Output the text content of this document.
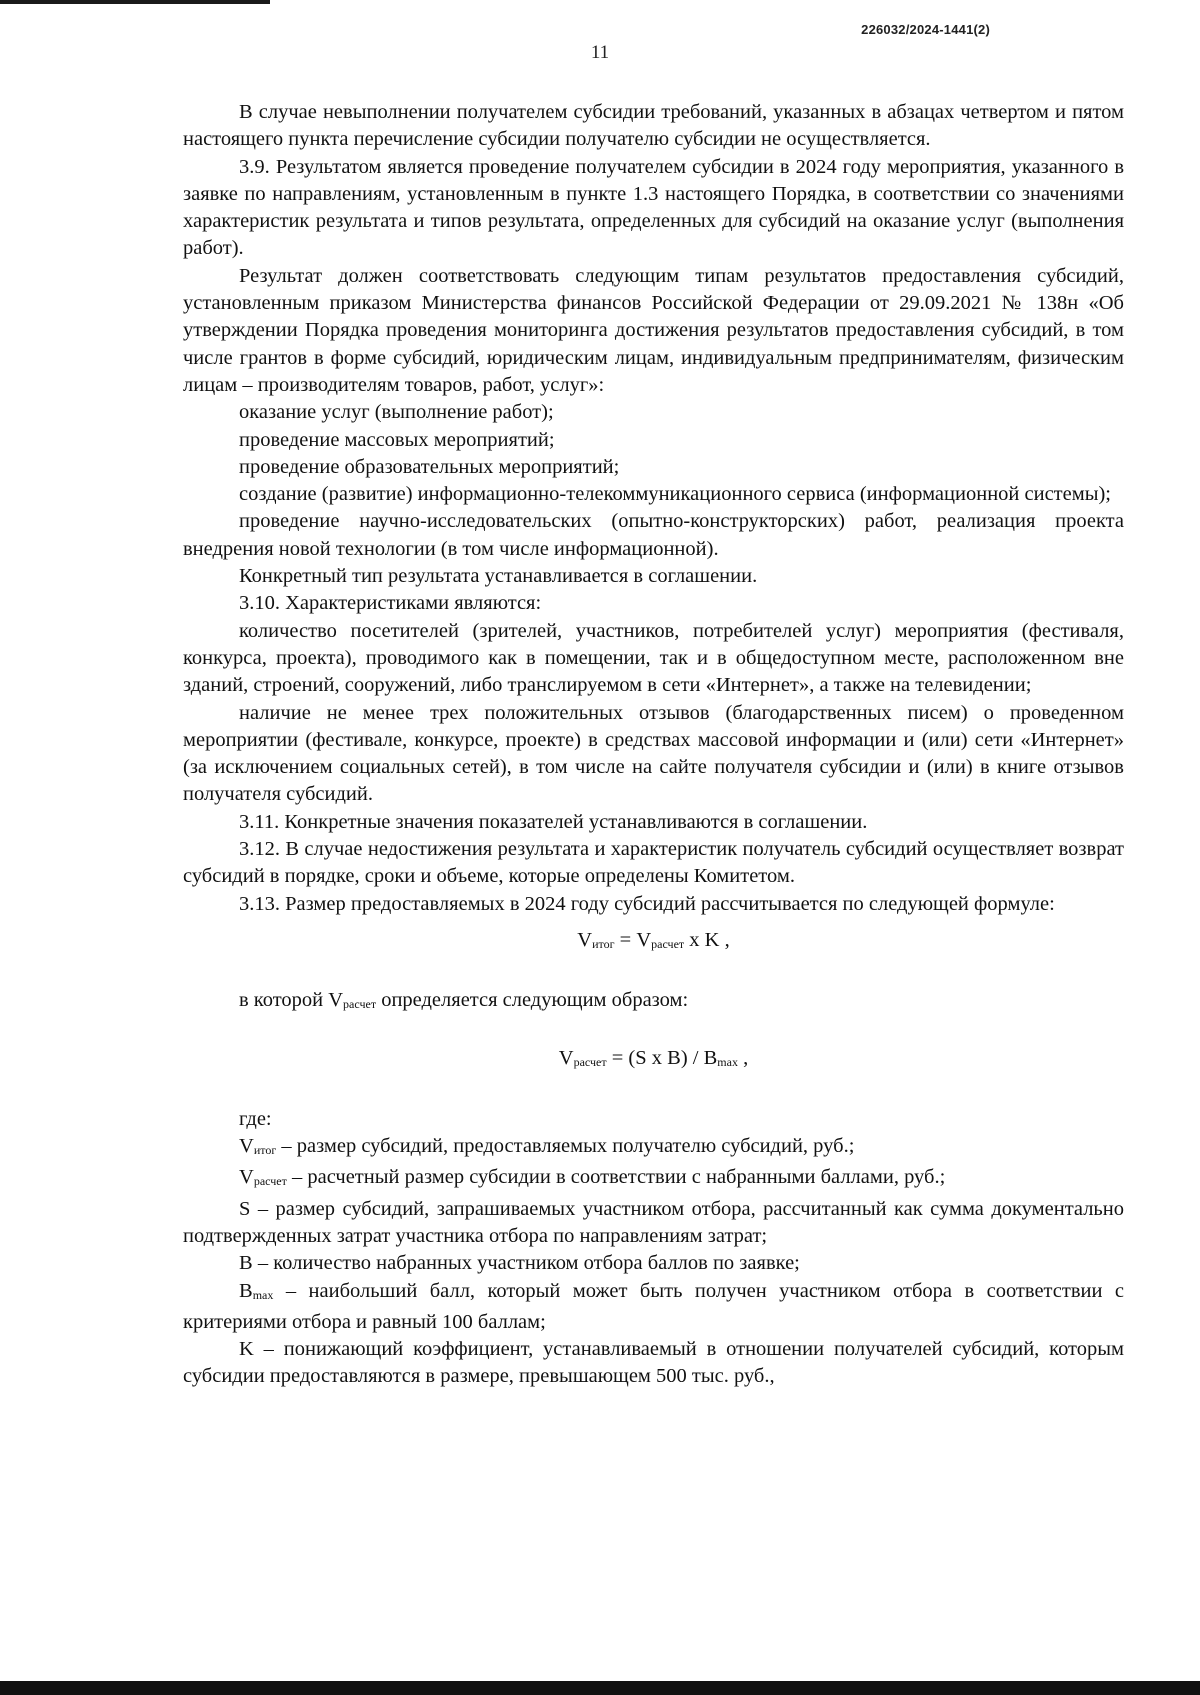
226032/2024-1441(2)
11

В случае невыполнении получателем субсидии требований, указанных в абзацах четвертом и пятом настоящего пункта перечисление субсидии получателю субсидии не осуществляется.

3.9. Результатом является проведение получателем субсидии в 2024 году мероприятия, указанного в заявке по направлениям, установленным в пункте 1.3 настоящего Порядка, в соответствии со значениями характеристик результата и типов результата, определенных для субсидий на оказание услуг (выполнения работ).

Результат должен соответствовать следующим типам результатов предоставления субсидий, установленным приказом Министерства финансов Российской Федерации от 29.09.2021 № 138н «Об утверждении Порядка проведения мониторинга достижения результатов предоставления субсидий, в том числе грантов в форме субсидий, юридическим лицам, индивидуальным предпринимателям, физическим лицам – производителям товаров, работ, услуг»:

оказание услуг (выполнение работ);

проведение массовых мероприятий;

проведение образовательных мероприятий;

создание (развитие) информационно-телекоммуникационного сервиса (информационной системы);

проведение научно-исследовательских (опытно-конструкторских) работ, реализация проекта внедрения новой технологии (в том числе информационной).

Конкретный тип результата устанавливается в соглашении.

3.10. Характеристиками являются:

количество посетителей (зрителей, участников, потребителей услуг) мероприятия (фестиваля, конкурса, проекта), проводимого как в помещении, так и в общедоступном месте, расположенном вне зданий, строений, сооружений, либо транслируемом в сети «Интернет», а также на телевидении;

наличие не менее трех положительных отзывов (благодарственных писем) о проведенном мероприятии (фестивале, конкурсе, проекте) в средствах массовой информации и (или) сети «Интернет» (за исключением социальных сетей), в том числе на сайте получателя субсидии и (или) в книге отзывов получателя субсидий.

3.11. Конкретные значения показателей устанавливаются в соглашении.

3.12. В случае недостижения результата и характеристик получатель субсидий осуществляет возврат субсидий в порядке, сроки и объеме, которые определены Комитетом.

3.13. Размер предоставляемых в 2024 году субсидий рассчитывается по следующей формуле:

Vитог = Vрасчет x K ,

в которой Vрасчет определяется следующим образом:

Vрасчет = (S x B) / Bmax ,

где:

Vитог – размер субсидий, предоставляемых получателю субсидий, руб.;

Vрасчет – расчетный размер субсидии в соответствии с набранными баллами, руб.;

S – размер субсидий, запрашиваемых участником отбора, рассчитанный как сумма документально подтвержденных затрат участника отбора по направлениям затрат;

B – количество набранных участником отбора баллов по заявке;

Bmax – наибольший балл, который может быть получен участником отбора в соответствии с критериями отбора и равный 100 баллам;

K – понижающий коэффициент, устанавливаемый в отношении получателей субсидий, которым субсидии предоставляются в размере, превышающем 500 тыс. руб.,
